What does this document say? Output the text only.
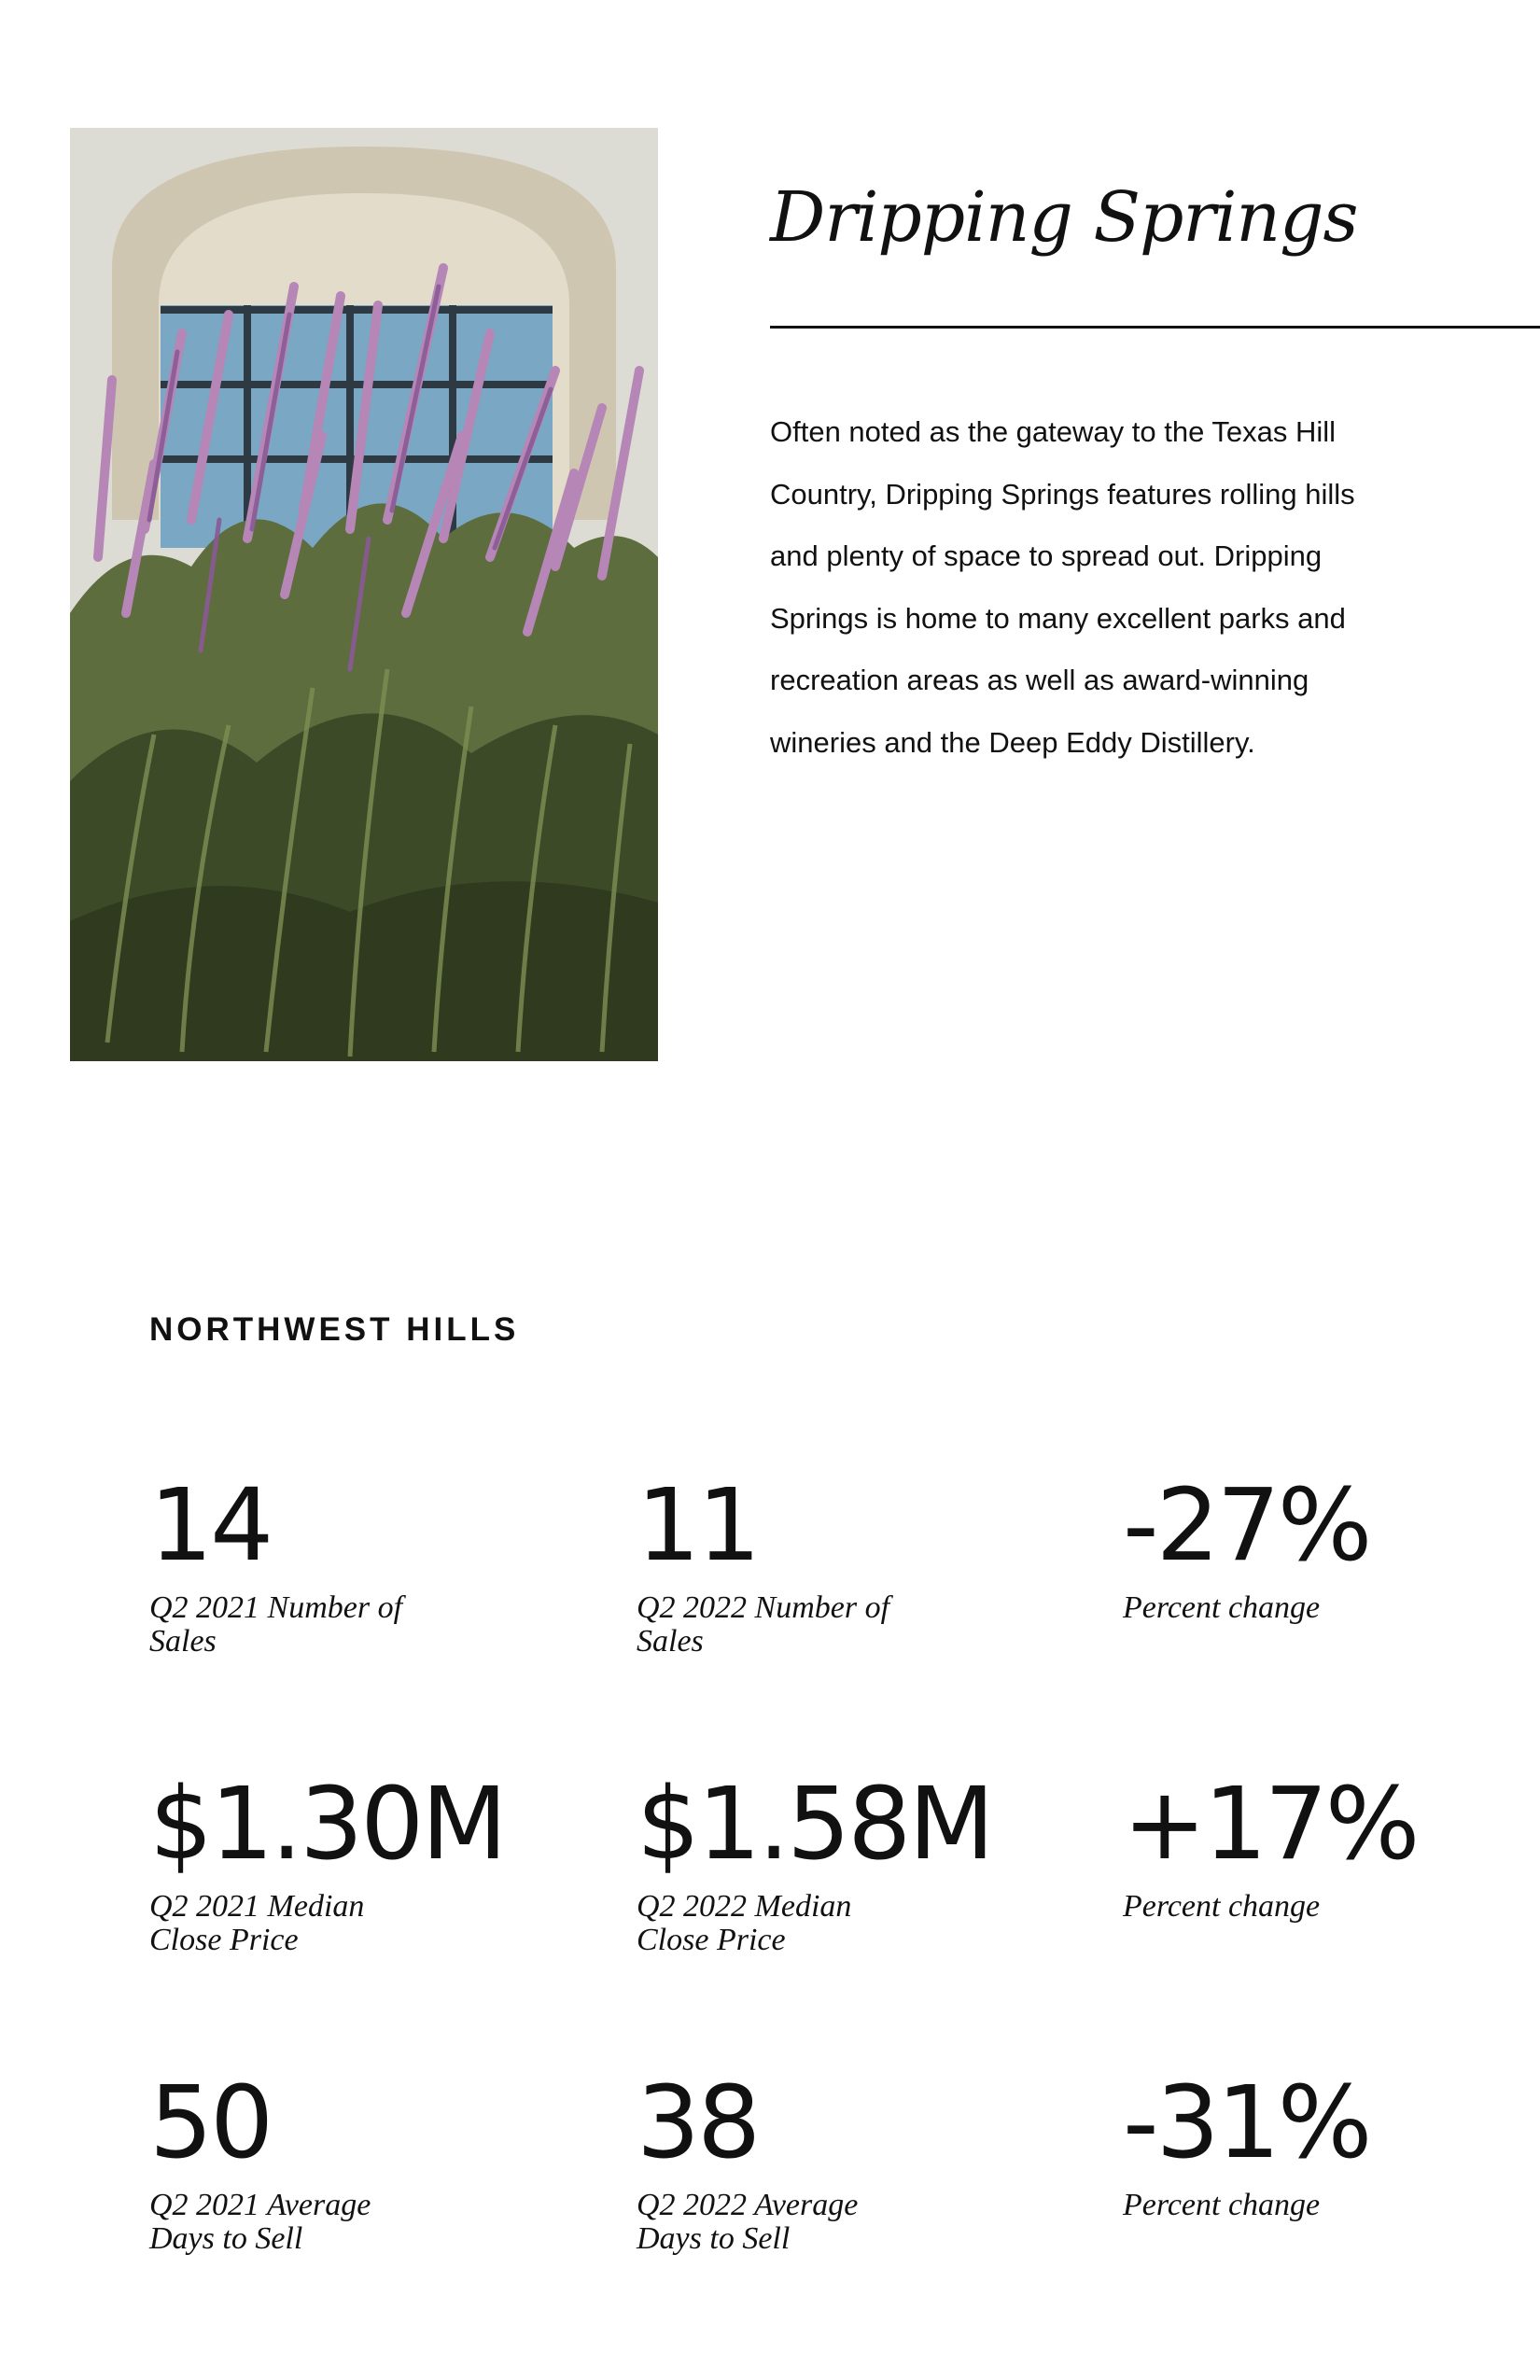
Dripping Springs

Often noted as the gateway to the Texas Hill Country, Dripping Springs features rolling hills and plenty of space to spread out. Dripping Springs is home to many excellent parks and recreation areas as well as award-winning wineries and the Deep Eddy Distillery.

NORTHWEST HILLS
14
Q2 2021 Number of Sales
11
Q2 2022 Number of Sales
-27%
Percent change
$1.30M
Q2 2021 Median Close Price
$1.58M
Q2 2022 Median Close Price
+17%
Percent change
50
Q2 2021 Average Days to Sell
38
Q2 2022 Average Days to Sell
-31%
Percent change
